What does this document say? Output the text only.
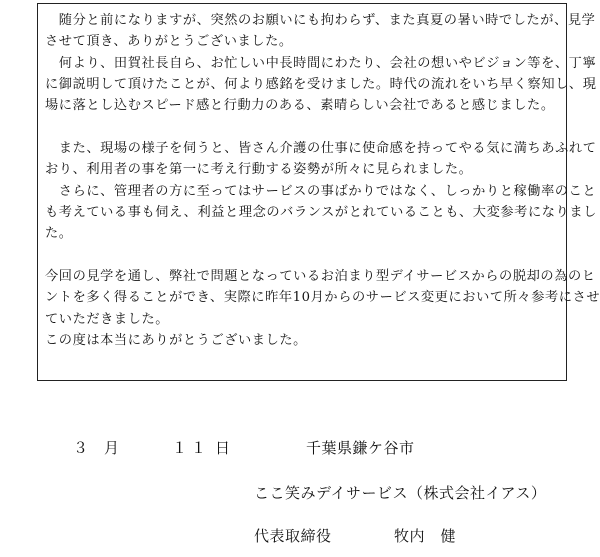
　随分と前になりますが、突然のお願いにも拘わらず、また真夏の暑い時でしたが、見学
させて頂き、ありがとうございました。
　何より、田賀社長自ら、お忙しい中長時間にわたり、会社の想いやビジョン等を、丁寧
に御説明して頂けたことが、何より感銘を受けました。時代の流れをいち早く察知し、現
場に落とし込むスピード感と行動力のある、素晴らしい会社であると感じました。

　また、現場の様子を伺うと、皆さん介護の仕事に使命感を持ってやる気に満ちあふれて
おり、利用者の事を第一に考え行動する姿勢が所々に見られました。
　さらに、管理者の方に至ってはサービスの事ばかりではなく、しっかりと稼働率のこと
も考えている事も伺え、利益と理念のバランスがとれていることも、大変参考になりまし
た。

今回の見学を通し、弊社で問題となっているお泊まり型デイサービスからの脱却の為のヒ
ントを多く得ることができ、実際に昨年10月からのサービス変更において所々参考にさせ
ていただきました。
この度は本当にありがとうございました。

３ 月	１１ 日	千葉県鎌ケ谷市
ここ笑みデイサービス（株式会社イアス）
代表取締役	牧内　健
